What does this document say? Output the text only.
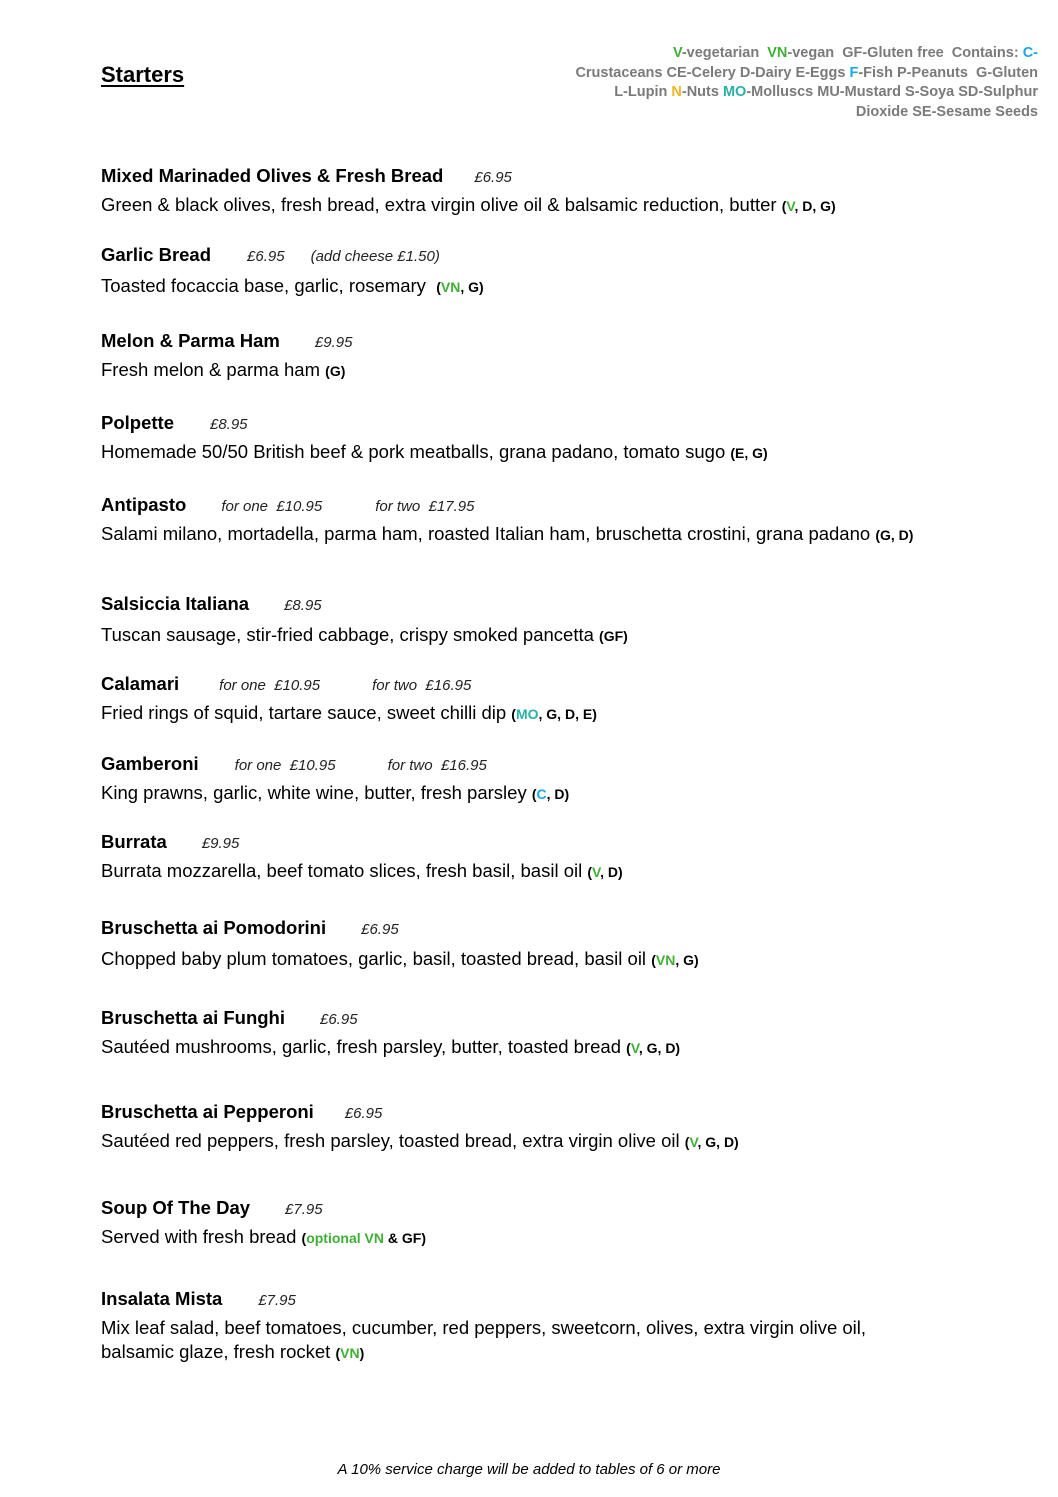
Starters
V-vegetarian VN-vegan GF-Gluten free Contains: C-
Crustaceans CE-Celery D-Dairy E-Eggs F-Fish P-Peanuts G-Gluten L-Lupin N-Nuts MO-Molluscs MU-Mustard S-Soya SD-Sulphur Dioxide SE-Sesame Seeds
Mixed Marinaded Olives & Fresh Bread £6.95
Green & black olives, fresh bread, extra virgin olive oil & balsamic reduction, butter (V, D, G)
Garlic Bread £6.95 (add cheese £1.50)
Toasted focaccia base, garlic, rosemary (VN, G)
Melon & Parma Ham £9.95
Fresh melon & parma ham (G)
Polpette £8.95
Homemade 50/50 British beef & pork meatballs, grana padano, tomato sugo (E, G)
Antipasto for one  £10.95	for two  £17.95
Salami milano, mortadella, parma ham, roasted Italian ham, bruschetta crostini, grana padano (G, D)
Salsiccia Italiana £8.95
Tuscan sausage, stir-fried cabbage, crispy smoked pancetta (GF)
Calamari	for one  £10.95	for two  £16.95
Fried rings of squid, tartare sauce, sweet chilli dip (MO, G, D, E)
Gamberoni for one  £10.95	for two  £16.95
King prawns, garlic, white wine, butter, fresh parsley (C, D)
Burrata £9.95
Burrata mozzarella, beef tomato slices, fresh basil, basil oil (V, D)
Bruschetta ai Pomodorini £6.95
Chopped baby plum tomatoes, garlic, basil, toasted bread, basil oil (VN, G)
Bruschetta ai Funghi £6.95
Sautéed mushrooms, garlic, fresh parsley, butter, toasted bread (V, G, D)
Bruschetta ai Pepperoni £6.95
Sautéed red peppers, fresh parsley, toasted bread, extra virgin olive oil (V, G, D)
Soup Of The Day £7.95
Served with fresh bread (optional VN & GF)
Insalata Mista £7.95
Mix leaf salad, beef tomatoes, cucumber, red peppers, sweetcorn, olives, extra virgin olive oil, balsamic glaze, fresh rocket (VN)
A 10% service charge will be added to tables of 6 or more
